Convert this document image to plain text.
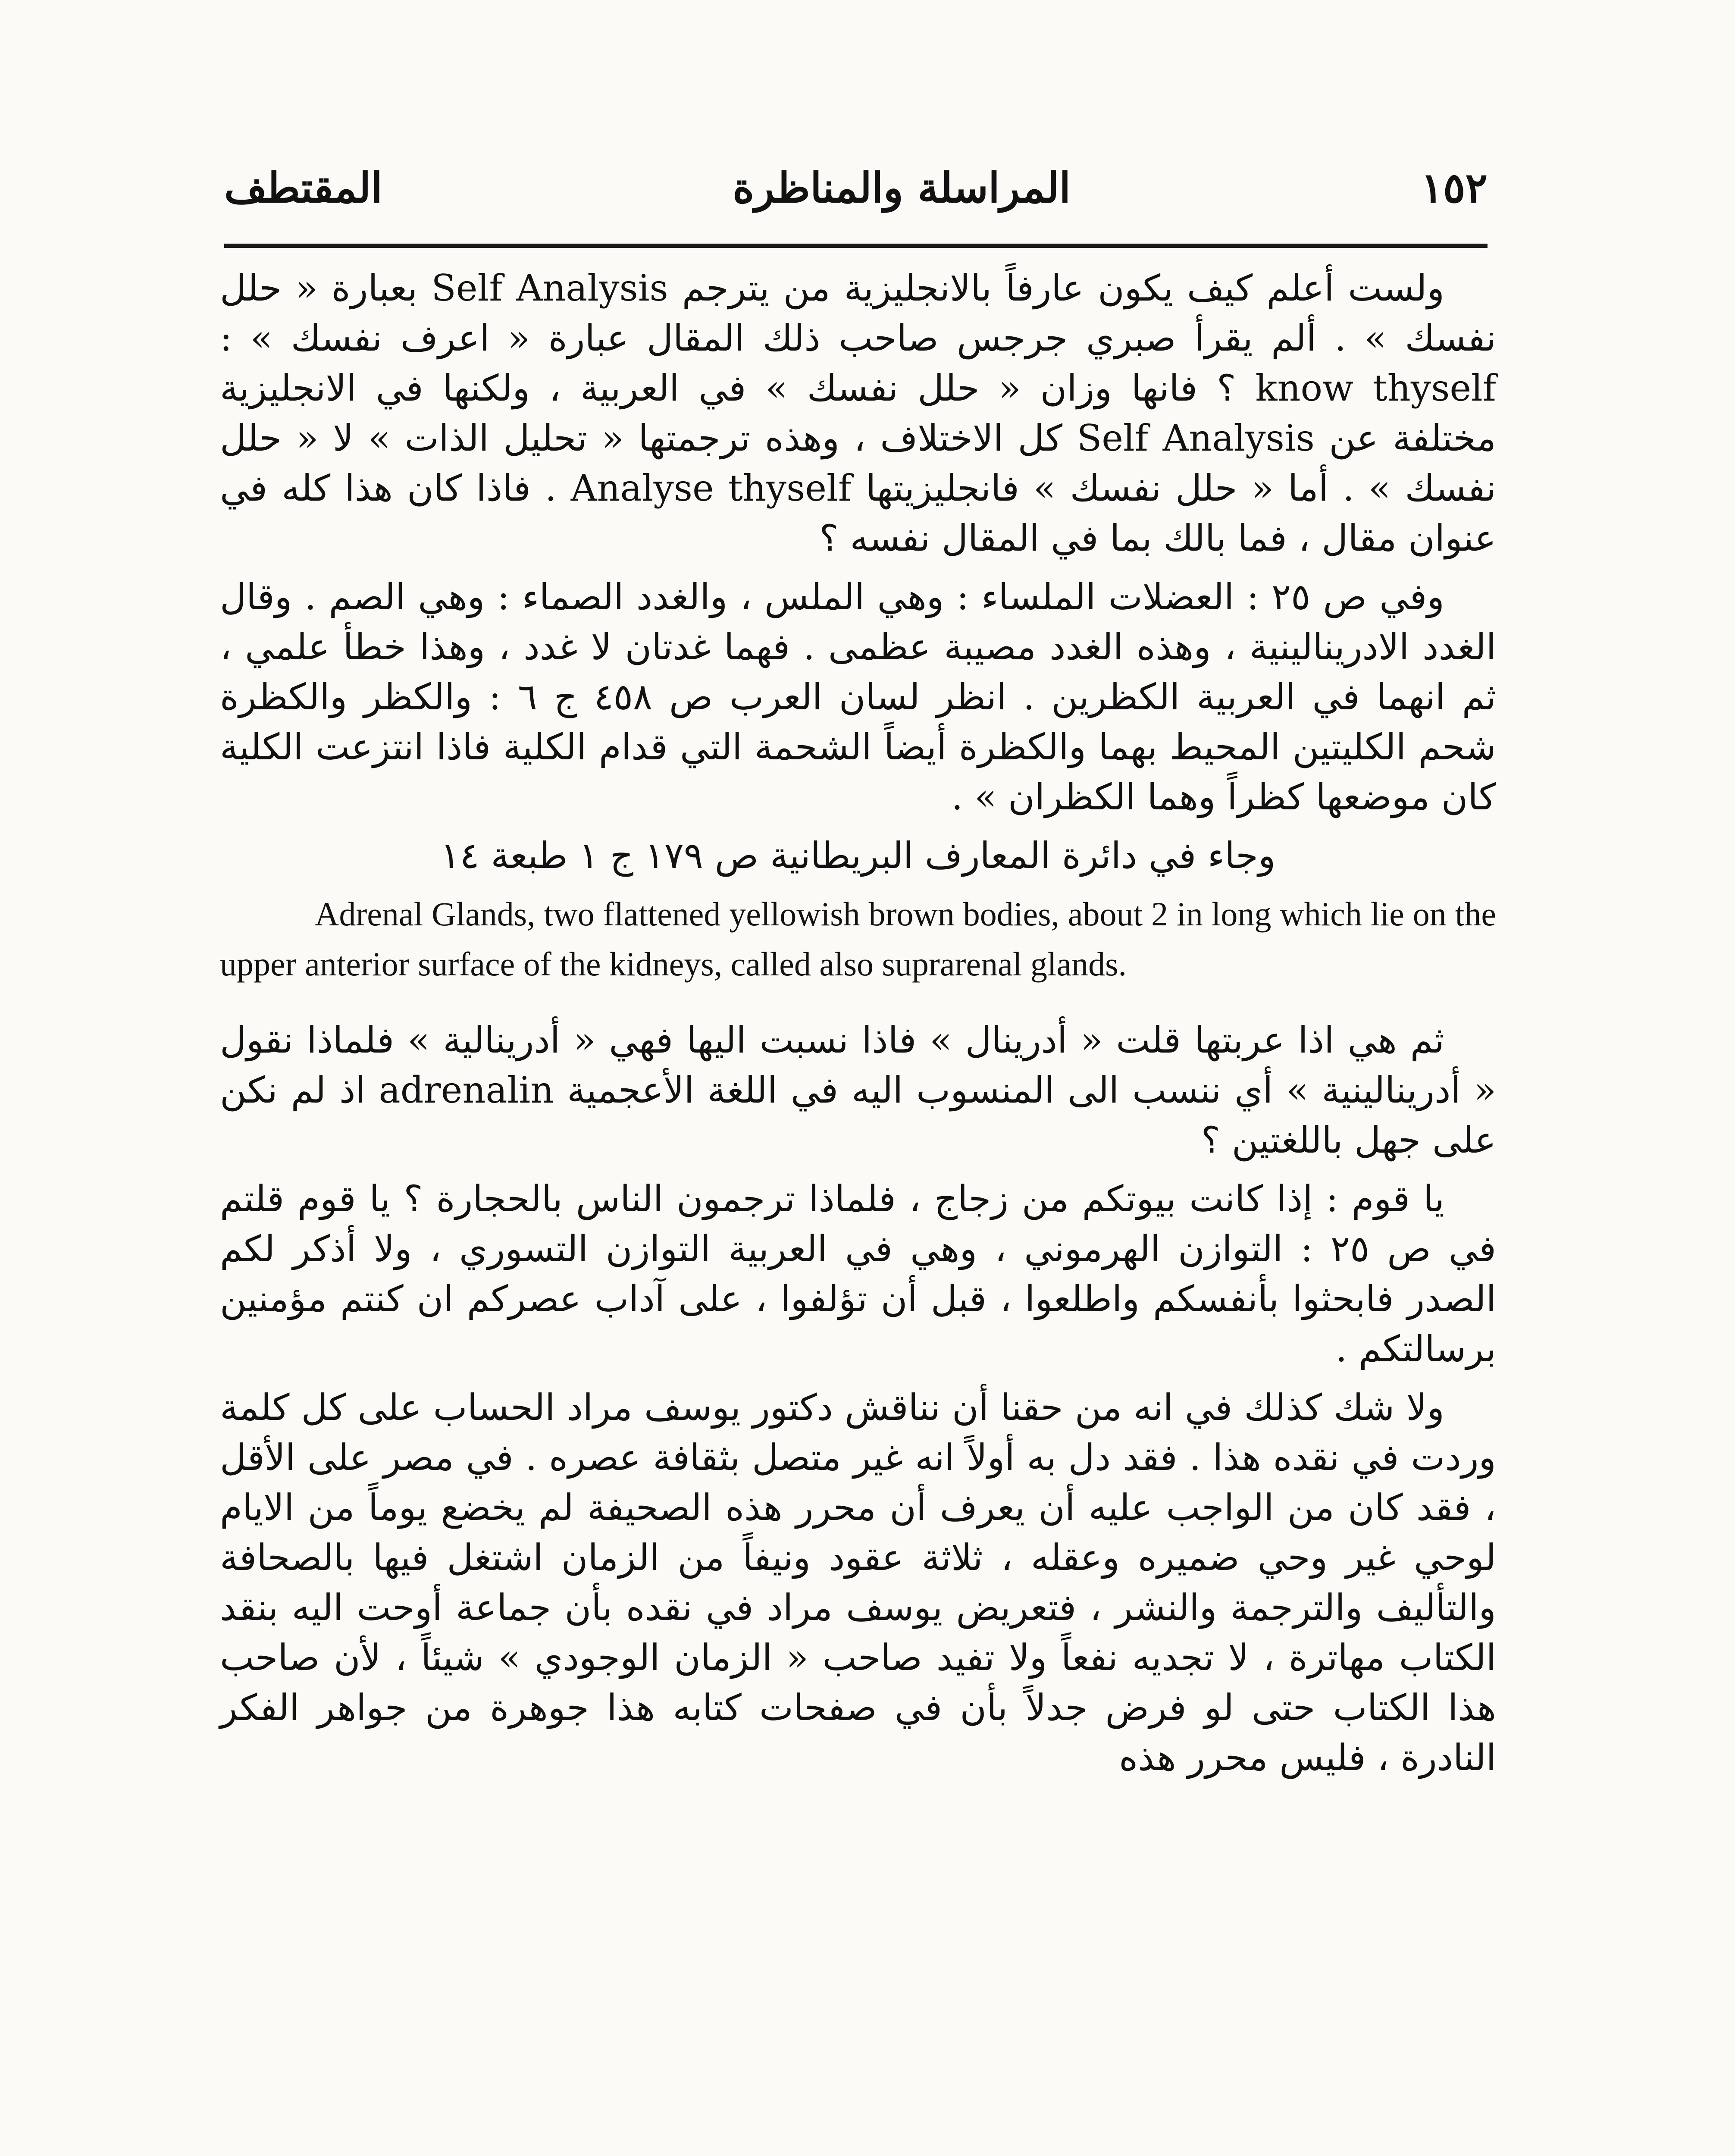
١٥٢
المراسلة والمناظرة
المقتطف

ولست أعلم كيف يكون عارفاً بالانجليزية من يترجم Self Analysis بعبارة « حلل نفسك » . ألم يقرأ صبري جرجس صاحب ذلك المقال عبارة « اعرف نفسك » : know thyself ؟ فانها وزان « حلل نفسك » في العربية ، ولكنها في الانجليزية مختلفة عن Self Analysis كل الاختلاف ، وهذه ترجمتها « تحليل الذات » لا « حلل نفسك » . أما « حلل نفسك » فانجليزيتها Analyse thyself . فاذا كان هذا كله في عنوان مقال ، فما بالك بما في المقال نفسه ؟

وفي ص ٢٥ : العضلات الملساء : وهي الملس ، والغدد الصماء : وهي الصم . وقال الغدد الادرينالينية ، وهذه الغدد مصيبة عظمى . فهما غدتان لا غدد ، وهذا خطأ علمي ، ثم انهما في العربية الكظرين . انظر لسان العرب ص ٤٥٨ ج ٦ : والكظر والكظرة شحم الكليتين المحيط بهما والكظرة أيضاً الشحمة التي قدام الكلية فاذا انتزعت الكلية كان موضعها كظراً وهما الكظران » .

وجاء في دائرة المعارف البريطانية ص ١٧٩ ج ١ طبعة ١٤

Adrenal Glands, two flattened yellowish brown bodies, about 2 in long which lie on the upper anterior surface of the kidneys, called also suprarenal glands.

ثم هي اذا عربتها قلت « أدرينال » فاذا نسبت اليها فهي « أدرينالية » فلماذا نقول « أدرينالينية » أي ننسب الى المنسوب اليه في اللغة الأعجمية adrenalin اذ لم نكن على جهل باللغتين ؟

يا قوم : إذا كانت بيوتكم من زجاج ، فلماذا ترجمون الناس بالحجارة ؟ يا قوم قلتم في ص ٢٥ : التوازن الهرموني ، وهي في العربية التوازن التسوري ، ولا أذكر لكم الصدر فابحثوا بأنفسكم واطلعوا ، قبل أن تؤلفوا ، على آداب عصركم ان كنتم مؤمنين برسالتكم .

ولا شك كذلك في انه من حقنا أن نناقش دكتور يوسف مراد الحساب على كل كلمة وردت في نقده هذا . فقد دل به أولاً انه غير متصل بثقافة عصره . في مصر على الأقل ، فقد كان من الواجب عليه أن يعرف أن محرر هذه الصحيفة لم يخضع يوماً من الايام لوحي غير وحي ضميره وعقله ، ثلاثة عقود ونيفاً من الزمان اشتغل فيها بالصحافة والتأليف والترجمة والنشر ، فتعريض يوسف مراد في نقده بأن جماعة أوحت اليه بنقد الكتاب مهاترة ، لا تجديه نفعاً ولا تفيد صاحب « الزمان الوجودي » شيئاً ، لأن صاحب هذا الكتاب حتى لو فرض جدلاً بأن في صفحات كتابه هذا جوهرة من جواهر الفكر النادرة ، فليس محرر هذه
